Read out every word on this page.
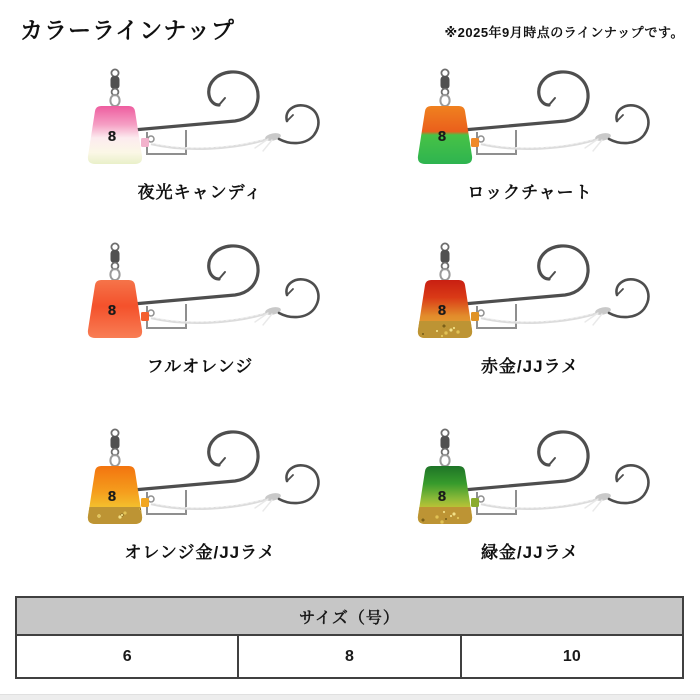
カラーラインナップ	※2025年9月時点のラインナップです。
8
夜光キャンディ
8
ロックチャート
8
フルオレンジ
8
赤金/JJラメ
8
オレンジ金/JJラメ
8
緑金/JJラメ
サイズ（号）
6	8	10
